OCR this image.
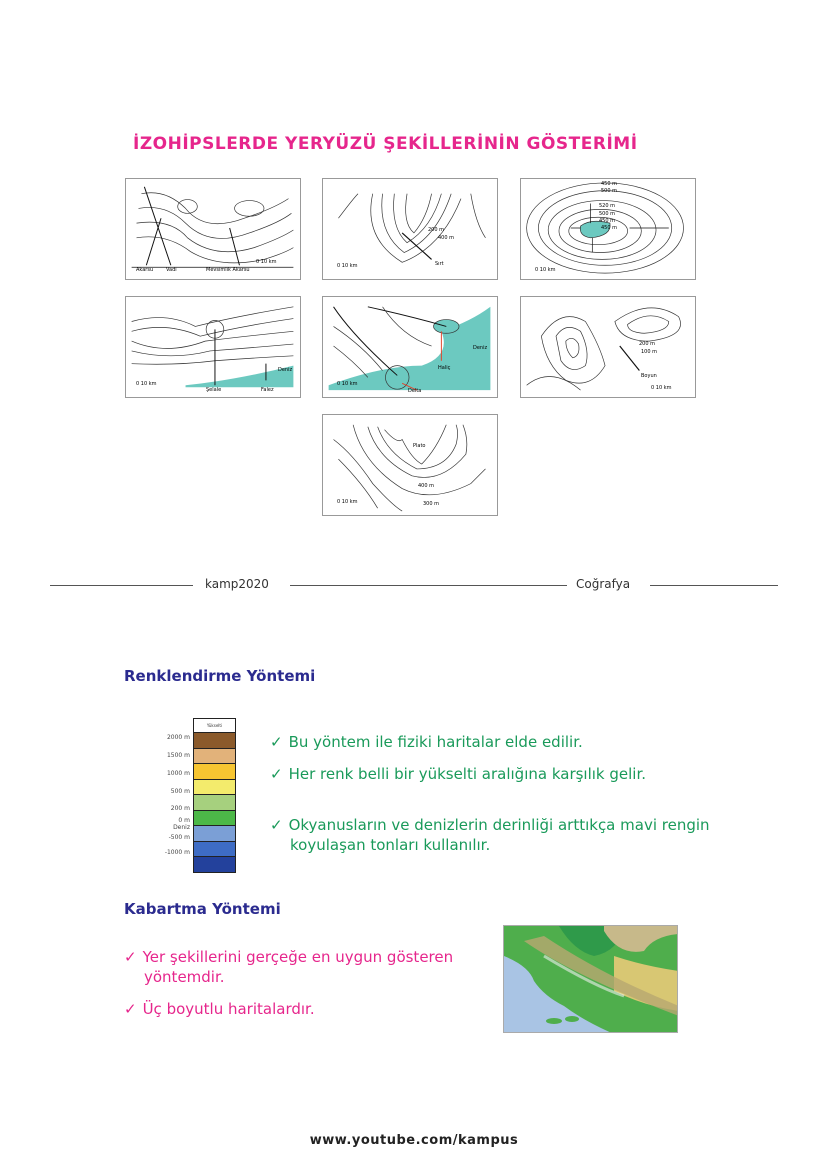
İZOHİPSLERDE YERYÜZÜ ŞEKİLLERİNİN GÖSTERİMİ
Akarsu	Vadi	Mevsimlik Akarsu
0 10 km	Sırt
200 m
400 m
0 10 km
450 m
500 m
520 m
500 m
450 m
450 m
0 10 km
Şelale	Falez
Deniz
0 10 km
Delta
Haliç
Deniz
0 10 km
Boyun
200 m
100 m
0 10 km
Plato
400 m
300 m
0 10 km
kamp2020	Coğrafya
Renklendirme Yöntemi
Yükselti
2000 m
1500 m
1000 m
500 m
200 m
0 m
Deniz
-500 m
-1000 m
✓ Bu yöntem ile fiziki haritalar elde edilir.
✓ Her renk belli bir yükselti aralığına karşılık gelir.
✓ Okyanusların ve denizlerin derinliği arttıkça mavi rengin koyulaşan tonları kullanılır.
Kabartma Yöntemi
✓ Yer şekillerini gerçeğe en uygun gösteren yöntemdir.
✓ Üç boyutlu haritalardır.
www.youtube.com/kampus
